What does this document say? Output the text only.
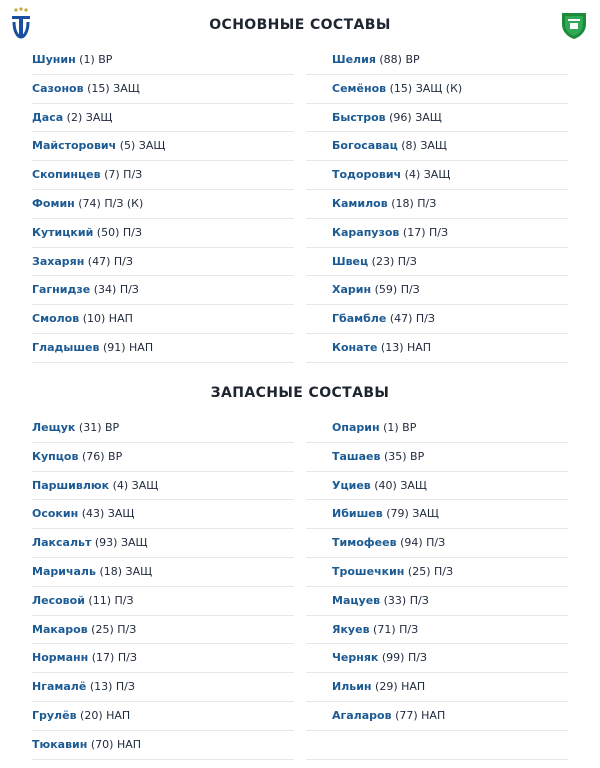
ОСНОВНЫЕ СОСТАВЫ
ЗАПАСНЫЕ СОСТАВЫ
Шунин (1) ВР
Сазонов (15) ЗАЩ
Даса (2) ЗАЩ
Майсторович (5) ЗАЩ
Скопинцев (7) П/З
Фомин (74) П/З (К)
Кутицкий (50) П/З
Захарян (47) П/З
Гагнидзе (34) П/З
Смолов (10) НАП
Гладышев (91) НАП
Шелия (88) ВР
Семёнов (15) ЗАЩ (К)
Быстров (96) ЗАЩ
Богосавац (8) ЗАЩ
Тодорович (4) ЗАЩ
Камилов (18) П/З
Карапузов (17) П/З
Швец (23) П/З
Харин (59) П/З
Гбамбле (47) П/З
Конате (13) НАП
Лещук (31) ВР
Купцов (76) ВР
Паршивлюк (4) ЗАЩ
Осокин (43) ЗАЩ
Лаксальт (93) ЗАЩ
Маричаль (18) ЗАЩ
Лесовой (11) П/З
Макаров (25) П/З
Норманн (17) П/З
Нгамалё (13) П/З
Грулёв (20) НАП
Тюкавин (70) НАП
Опарин (1) ВР
Ташаев (35) ВР
Уциев (40) ЗАЩ
Ибишев (79) ЗАЩ
Тимофеев (94) П/З
Трошечкин (25) П/З
Мацуев (33) П/З
Якуев (71) П/З
Черняк (99) П/З
Ильин (29) НАП
Агаларов (77) НАП
